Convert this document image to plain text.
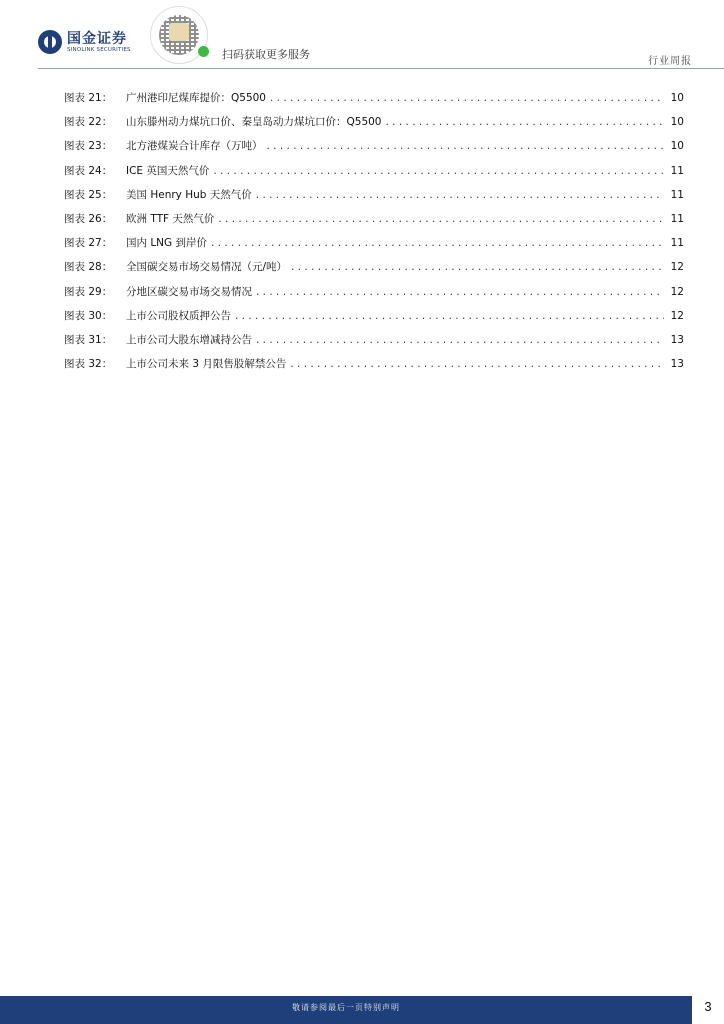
国金证券
SINOLINK SECURITIES	扫码获取更多服务
行业周报
图表 21：	广州港印尼煤库提价：Q5500 . . .	10
图表 22：	山东滕州动力煤坑口价、秦皇岛动力煤坑口价：Q5500 . . .	10
图表 23：	北方港煤炭合计库存（万吨） . . .	10
图表 24：	ICE 英国天然气价 . . .	11
图表 25：	美国 Henry Hub 天然气价 . . .	11
图表 26：	欧洲 TTF 天然气价 . . .	11
图表 27：	国内 LNG 到岸价 . . .	11
图表 28：	全国碳交易市场交易情况（元/吨） . . .	12
图表 29：	分地区碳交易市场交易情况 . . .	12
图表 30：	上市公司股权质押公告 . . .	12
图表 31：	上市公司大股东增减持公告 . . .	13
图表 32：	上市公司未来 3 月限售股解禁公告 . . .	13
敬请参阅最后一页特别声明	3
